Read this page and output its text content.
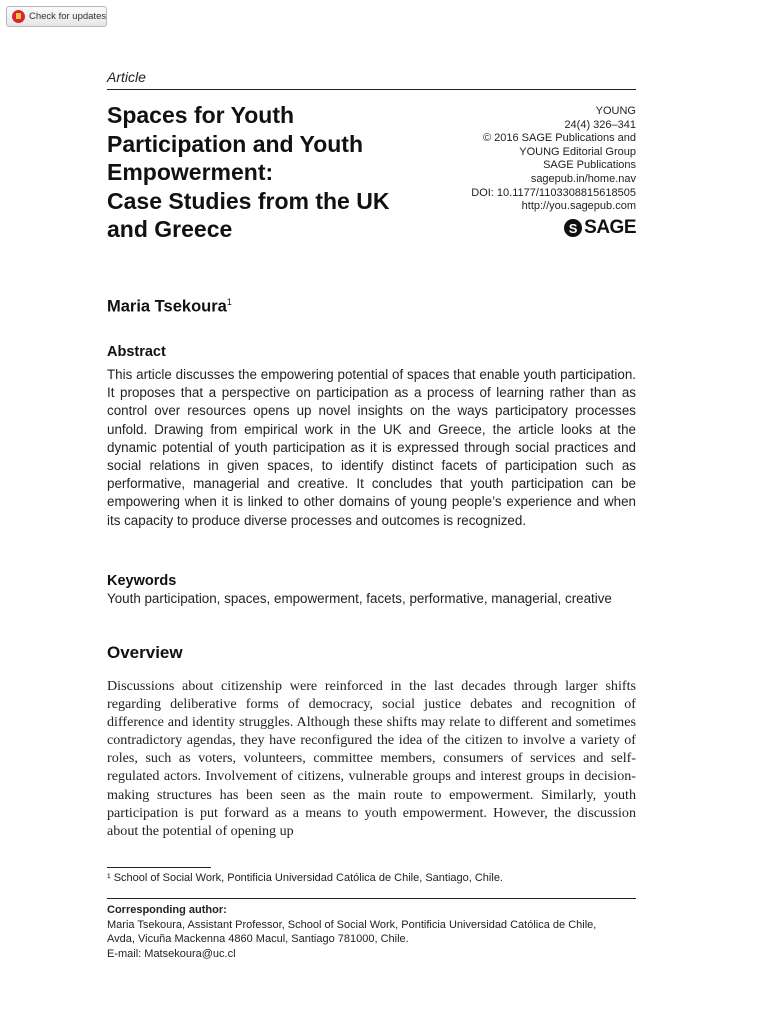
Check for updates
Article
Spaces for Youth
Participation and Youth
Empowerment:
Case Studies from the UK
and Greece
YOUNG
24(4) 326–341
© 2016 SAGE Publications and
YOUNG Editorial Group
SAGE Publications
sagepub.in/home.nav
DOI: 10.1177/1103308815618505
http://you.sagepub.com
S SAGE
Maria Tsekoura$^1$
Abstract
This article discusses the empowering potential of spaces that enable youth participation. It proposes that a perspective on participation as a process of learning rather than as control over resources opens up novel insights on the ways participatory processes unfold. Drawing from empirical work in the UK and Greece, the article looks at the dynamic potential of youth participation as it is expressed through social practices and social relations in given spaces, to identify distinct facets of participation such as performative, managerial and creative. It concludes that youth participation can be empowering when it is linked to other domains of young people’s experience and when its capacity to produce diverse processes and outcomes is recognized.
Keywords
Youth participation, spaces, empowerment, facets, performative, managerial, creative
Overview
Discussions about citizenship were reinforced in the last decades through larger shifts regarding deliberative forms of democracy, social justice debates and recognition of difference and identity struggles. Although these shifts may relate to different and sometimes contradictory agendas, they have reconfigured the idea of the citizen to involve a variety of roles, such as voters, volunteers, committee members, consumers of services and self-regulated actors. Involvement of citizens, vulnerable groups and interest groups in decision-making structures has been seen as the main route to empowerment. Similarly, youth participation is put forward as a means to youth empowerment. However, the discussion about the potential of opening up
¹ School of Social Work, Pontificia Universidad Católica de Chile, Santiago, Chile.
Corresponding author:
Maria Tsekoura, Assistant Professor, School of Social Work, Pontificia Universidad Católica de Chile,
Avda, Vicuña Mackenna 4860 Macul, Santiago 781000, Chile.
E-mail: Matsekoura@uc.cl
